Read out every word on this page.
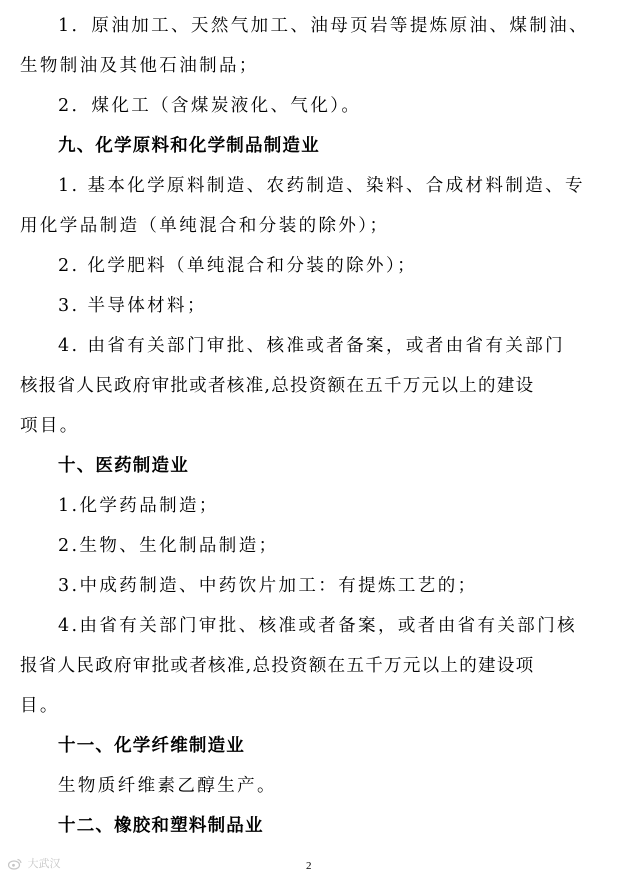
1．原油加工、天然气加工、油母页岩等提炼原油、煤制油、
生物制油及其他石油制品；
2．煤化工（含煤炭液化、气化）。
九、化学原料和化学制品制造业
1. 基本化学原料制造、农药制造、染料、合成材料制造、专
用化学品制造（单纯混合和分装的除外）；
2. 化学肥料（单纯混合和分装的除外）；
3. 半导体材料；
4. 由省有关部门审批、核准或者备案，或者由省有关部门
核报省人民政府审批或者核准,总投资额在五千万元以上的建设
项目。
十、医药制造业
1.化学药品制造；
2.生物、生化制品制造；
3.中成药制造、中药饮片加工：有提炼工艺的；
4.由省有关部门审批、核准或者备案，或者由省有关部门核
报省人民政府审批或者核准,总投资额在五千万元以上的建设项
目。
十一、化学纤维制造业
生物质纤维素乙醇生产。
十二、橡胶和塑料制品业
大武汉	2
